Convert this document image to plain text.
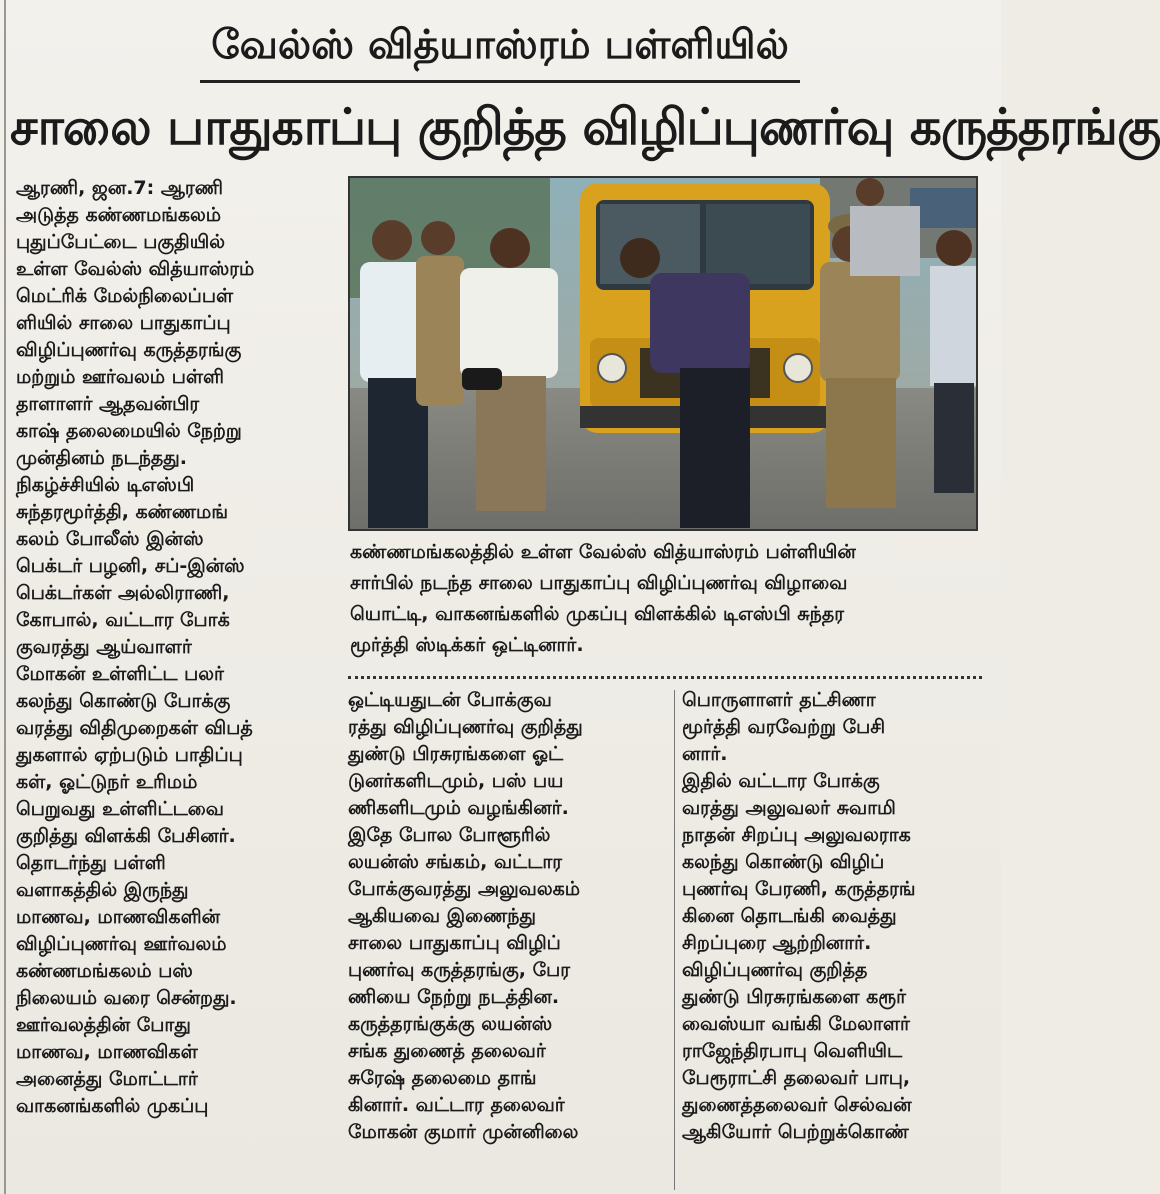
வேல்ஸ் வித்யாஸ்ரம் பள்ளியில்
சாலை பாதுகாப்பு குறித்த விழிப்புணர்வு கருத்தரங்கு
ஆரணி, ஜன.7: ஆரணி
அடுத்த கண்ணமங்கலம்
புதுப்பேட்டை பகுதியில்
உள்ள வேல்ஸ் வித்யாஸ்ரம்
மெட்ரிக் மேல்நிலைப்பள்
ளியில் சாலை பாதுகாப்பு
விழிப்புணர்வு கருத்தரங்கு
மற்றும் ஊர்வலம் பள்ளி
தாளாளர் ஆதவன்பிர
காஷ் தலைமையில் நேற்று
முன்தினம் நடந்தது.
நிகழ்ச்சியில் டிஎஸ்பி
சுந்தரமூர்த்தி, கண்ணமங்
கலம் போலீஸ் இன்ஸ்
பெக்டர் பழனி, சப்-இன்ஸ்
பெக்டர்கள் அல்லிராணி,
கோபால், வட்டார போக்
குவரத்து ஆய்வாளர்
மோகன் உள்ளிட்ட பலர்
கலந்து கொண்டு போக்கு
வரத்து விதிமுறைகள் விபத்
துகளால் ஏற்படும் பாதிப்பு
கள், ஓட்டுநர் உரிமம்
பெறுவது உள்ளிட்டவை
குறித்து விளக்கி பேசினர்.
தொடர்ந்து பள்ளி
வளாகத்தில் இருந்து
மாணவ, மாணவிகளின்
விழிப்புணர்வு ஊர்வலம்
கண்ணமங்கலம் பஸ்
நிலையம் வரை சென்றது.
ஊர்வலத்தின் போது
மாணவ, மாணவிகள்
அனைத்து மோட்டார்
வாகனங்களில் முகப்பு
கண்ணமங்கலத்தில் உள்ள வேல்ஸ் வித்யாஸ்ரம் பள்ளியின்
சார்பில் நடந்த சாலை பாதுகாப்பு விழிப்புணர்வு விழாவை
யொட்டி, வாகனங்களில் முகப்பு விளக்கில் டிஎஸ்பி சுந்தர
மூர்த்தி ஸ்டிக்கர் ஒட்டினார்.
ஒட்டியதுடன் போக்குவ
ரத்து விழிப்புணர்வு குறித்து
துண்டு பிரசுரங்களை ஓட்
டுனர்களிடமும், பஸ் பய
ணிகளிடமும் வழங்கினர்.
இதே போல போளூரில்
லயன்ஸ் சங்கம், வட்டார
போக்குவரத்து அலுவலகம்
ஆகியவை இணைந்து
சாலை பாதுகாப்பு விழிப்
புணர்வு கருத்தரங்கு, பேர
ணியை நேற்று நடத்தின.
கருத்தரங்குக்கு லயன்ஸ்
சங்க துணைத் தலைவர்
சுரேஷ் தலைமை தாங்
கினார். வட்டார தலைவர்
மோகன் குமார் முன்னிலை
பொருளாளர் தட்சிணா
மூர்த்தி வரவேற்று பேசி
னார்.
இதில் வட்டார போக்கு
வரத்து அலுவலர் சுவாமி
நாதன் சிறப்பு அலுவலராக
கலந்து கொண்டு விழிப்
புணர்வு பேரணி, கருத்தரங்
கினை தொடங்கி வைத்து
சிறப்புரை ஆற்றினார்.
விழிப்புணர்வு குறித்த
துண்டு பிரசுரங்களை கரூர்
வைஸ்யா வங்கி மேலாளர்
ராஜேந்திரபாபு வெளியிட
பேரூராட்சி தலைவர் பாபு,
துணைத்தலைவர் செல்வன்
ஆகியோர் பெற்றுக்கொண்
